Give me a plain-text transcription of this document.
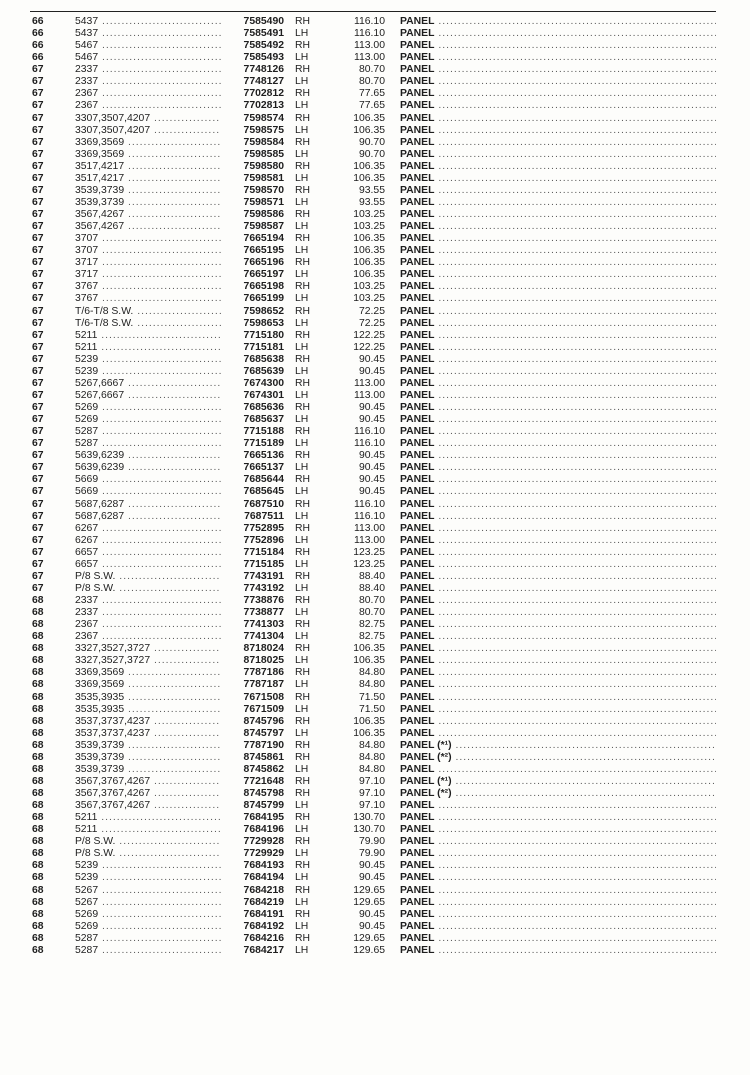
66	5437 .....	7585490 RH	116.10 PANEL .....
66	5437 .....	7585491 LH	116.10 PANEL .....
66	5467 .....	7585492 RH	113.00 PANEL .....
66	5467 .....	7585493 LH	113.00 PANEL .....
67	2337 .....	7748126 RH	80.70 PANEL .....
67	2337 .....	7748127 LH	80.70 PANEL .....
67	2367 .....	7702812 RH	77.65 PANEL .....
67	2367 .....	7702813 LH	77.65 PANEL .....
67	3307,3507,4207 .....	7598574 RH	106.35 PANEL .....
67	3307,3507,4207 .....	7598575 LH	106.35 PANEL .....
67	3369,3569 .....	7598584 RH	90.70 PANEL .....
67	3369,3569 .....	7598585 LH	90.70 PANEL .....
67	3517,4217 .....	7598580 RH	106.35 PANEL .....
67	3517,4217 .....	7598581 LH	106.35 PANEL .....
67	3539,3739 .....	7598570 RH	93.55 PANEL .....
67	3539,3739 .....	7598571 LH	93.55 PANEL .....
67	3567,4267 .....	7598586 RH	103.25 PANEL .....
67	3567,4267 .....	7598587 LH	103.25 PANEL .....
67	3707 .....	7665194 RH	106.35 PANEL .....
67	3707 .....	7665195 LH	106.35 PANEL .....
67	3717 .....	7665196 RH	106.35 PANEL .....
67	3717 .....	7665197 LH	106.35 PANEL .....
67	3767 .....	7665198 RH	103.25 PANEL .....
67	3767 .....	7665199 LH	103.25 PANEL .....
67	T/6-T/8 S.W. .....	7598652 RH	72.25 PANEL .....
67	T/6-T/8 S.W. .....	7598653 LH	72.25 PANEL .....
67	5211 .....	7715180 RH	122.25 PANEL .....
67	5211 .....	7715181 LH	122.25 PANEL .....
67	5239 .....	7685638 RH	90.45 PANEL .....
67	5239 .....	7685639 LH	90.45 PANEL .....
67	5267,6667 .....	7674300 RH	113.00 PANEL .....
67	5267,6667 .....	7674301 LH	113.00 PANEL .....
67	5269 .....	7685636 RH	90.45 PANEL .....
67	5269 .....	7685637 LH	90.45 PANEL .....
67	5287 .....	7715188 RH	116.10 PANEL .....
67	5287 .....	7715189 LH	116.10 PANEL .....
67	5639,6239 .....	7665136 RH	90.45 PANEL .....
67	5639,6239 .....	7665137 LH	90.45 PANEL .....
67	5669 .....	7685644 RH	90.45 PANEL .....
67	5669 .....	7685645 LH	90.45 PANEL .....
67	5687,6287 .....	7687510 RH	116.10 PANEL .....
67	5687,6287 .....	7687511 LH	116.10 PANEL .....
67	6267 .....	7752895 RH	113.00 PANEL .....
67	6267 .....	7752896 LH	113.00 PANEL .....
67	6657 .....	7715184 RH	123.25 PANEL .....
67	6657 .....	7715185 LH	123.25 PANEL .....
67	P/8 S.W. .....	7743191 RH	88.40 PANEL .....
67	P/8 S.W. .....	7743192 LH	88.40 PANEL .....
68	2337 .....	7738876 RH	80.70 PANEL .....
68	2337 .....	7738877 LH	80.70 PANEL .....
68	2367 .....	7741303 RH	82.75 PANEL .....
68	2367 .....	7741304 LH	82.75 PANEL .....
68	3327,3527,3727 .....	8718024 RH	106.35 PANEL .....
68	3327,3527,3727 .....	8718025 LH	106.35 PANEL .....
68	3369,3569 .....	7787186 RH	84.80 PANEL .....
68	3369,3569 .....	7787187 LH	84.80 PANEL .....
68	3535,3935 .....	7671508 RH	71.50 PANEL .....
68	3535,3935 .....	7671509 LH	71.50 PANEL .....
68	3537,3737,4237 .....	8745796 RH	106.35 PANEL .....
68	3537,3737,4237 .....	8745797 LH	106.35 PANEL .....
68	3539,3739 .....	7787190 RH	84.80 PANEL (*¹) .....
68	3539,3739 .....	8745861 RH	84.80 PANEL (*²) .....
68	3539,3739 .....	8745862 LH	84.80 PANEL .....
68	3567,3767,4267 .....	7721648 RH	97.10 PANEL (*¹) .....
68	3567,3767,4267 .....	8745798 RH	97.10 PANEL (*²) .....
68	3567,3767,4267 .....	8745799 LH	97.10 PANEL .....
68	5211 .....	7684195 RH	130.70 PANEL .....
68	5211 .....	7684196 LH	130.70 PANEL .....
68	P/8 S.W. .....	7729928 RH	79.90 PANEL .....
68	P/8 S.W. .....	7729929 LH	79.90 PANEL .....
68	5239 .....	7684193 RH	90.45 PANEL .....
68	5239 .....	7684194 LH	90.45 PANEL .....
68	5267 .....	7684218 RH	129.65 PANEL .....
68	5267 .....	7684219 LH	129.65 PANEL .....
68	5269 .....	7684191 RH	90.45 PANEL .....
68	5269 .....	7684192 LH	90.45 PANEL .....
68	5287 .....	7684216 RH	129.65 PANEL .....
68	5287 .....	7684217 LH	129.65 PANEL .....
